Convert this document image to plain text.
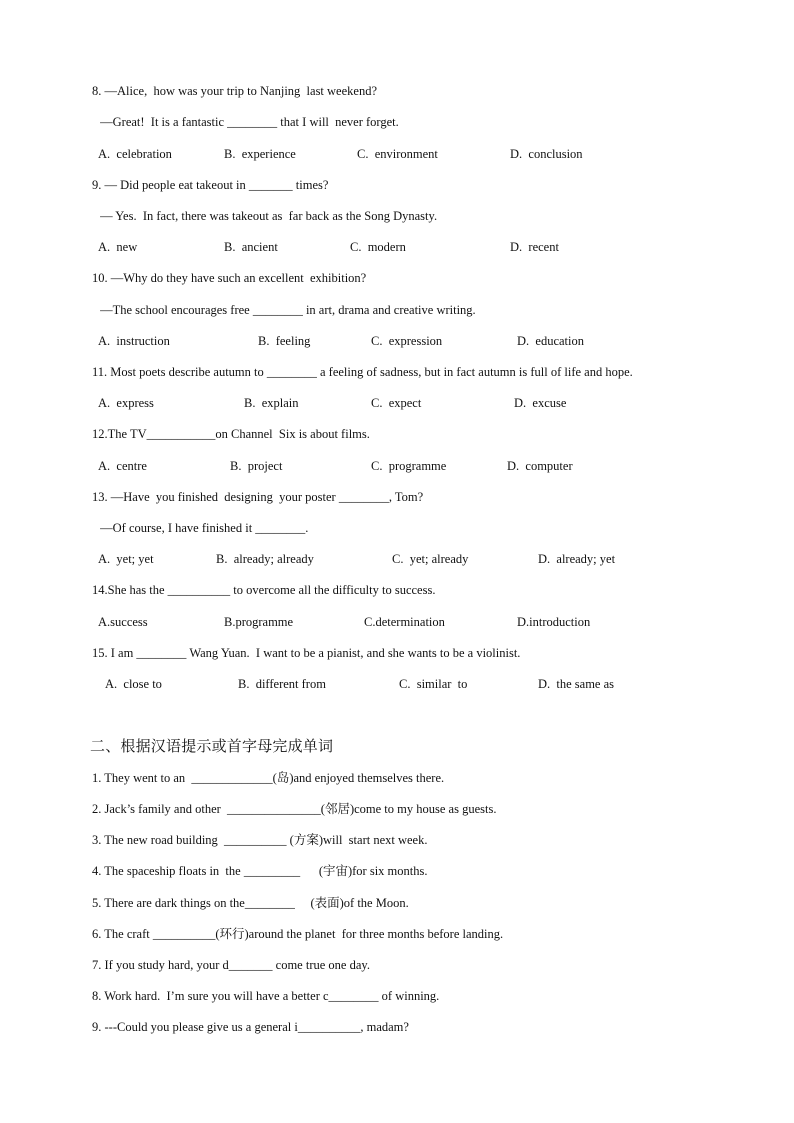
8. —Alice,  how was your trip to Nanjing  last weekend?
—Great!  It is a fantastic ________ that I will  never forget.
A.  celebration	B.  experience	C.  environment	D.  conclusion
9. — Did people eat takeout in _______ times?
— Yes.  In fact, there was takeout as  far back as the Song Dynasty.
A.  new	B.  ancient	C.  modern	D.  recent
10. —Why do they have such an excellent  exhibition?
—The school encourages free ________ in art, drama and creative writing.
A.  instruction	B.  feeling	C.  expression	D.  education
11. Most poets describe autumn to ________ a feeling of sadness, but in fact autumn is full of life and hope.
A.  express	B.  explain	C.  expect	D.  excuse
12.The TV___________on Channel  Six is about films.
A.  centre	B.  project	C.  programme	D.  computer
13. —Have  you finished  designing  your poster ________, Tom?
—Of course, I have finished it ________.
A.  yet; yet	B.  already; already	C.  yet; already	D.  already; yet
14.She has the __________ to overcome all the difficulty to success.
A.success	B.programme	C.determination	D.introduction
15. I am ________ Wang Yuan.  I want to be a pianist, and she wants to be a violinist.
A.  close to	B.  different from	C.  similar  to	D.  the same as
二、根据汉语提示或首字母完成单词
1. They went to an  _____________(岛)and enjoyed themselves there.
2. Jack’s family and other  _______________(邻居)come to my house as guests.
3. The new road building  __________ (方案)will  start next week.
4. The spaceship floats in  the _________      (宇宙)for six months.
5. There are dark things on the________     (表面)of the Moon.
6. The craft __________(环行)around the planet  for three months before landing.
7. If you study hard, your d_______ come true one day.
8. Work hard.  I’m sure you will have a better c________ of winning.
9. ---Could you please give us a general i__________, madam?
